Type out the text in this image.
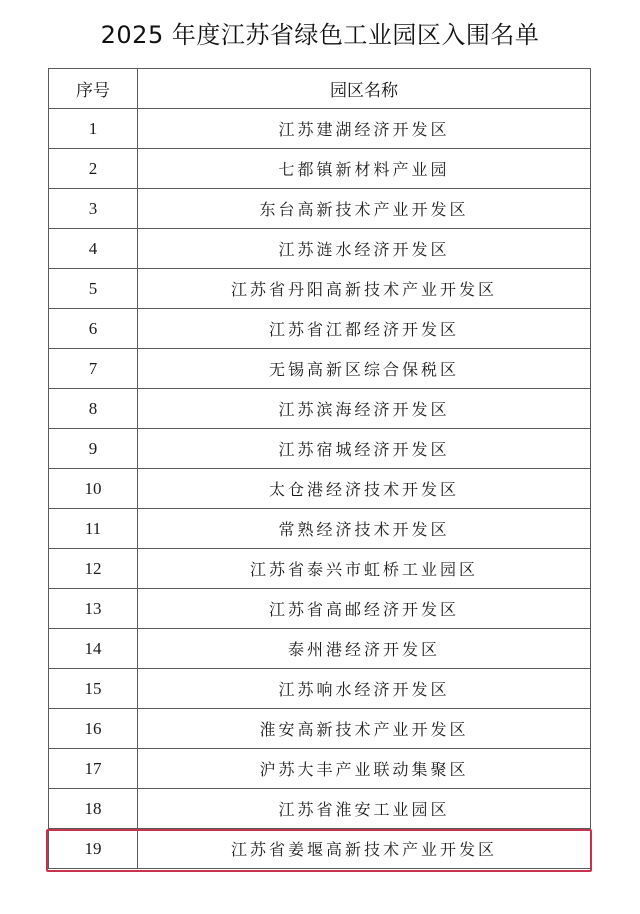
2025 年度江苏省绿色工业园区入围名单
序号	园区名称
1	江苏建湖经济开发区
2	七都镇新材料产业园
3	东台高新技术产业开发区
4	江苏涟水经济开发区
5	江苏省丹阳高新技术产业开发区
6	江苏省江都经济开发区
7	无锡高新区综合保税区
8	江苏滨海经济开发区
9	江苏宿城经济开发区
10	太仓港经济技术开发区
11	常熟经济技术开发区
12	江苏省泰兴市虹桥工业园区
13	江苏省高邮经济开发区
14	泰州港经济开发区
15	江苏响水经济开发区
16	淮安高新技术产业开发区
17	沪苏大丰产业联动集聚区
18	江苏省淮安工业园区
19	江苏省姜堰高新技术产业开发区
